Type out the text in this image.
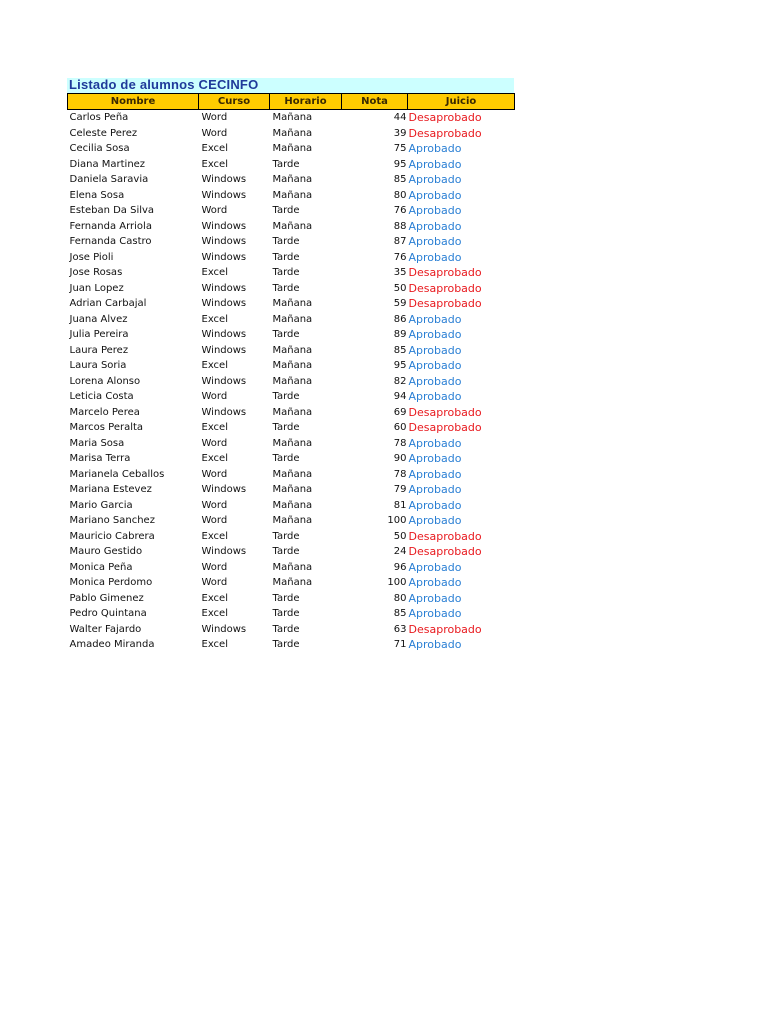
Listado de alumnos CECINFO
Nombre	Curso	Horario	Nota	Juicio
Carlos Peña	Word	Mañana	44	Desaprobado
Celeste Perez	Word	Mañana	39	Desaprobado
Cecilia Sosa	Excel	Mañana	75	Aprobado
Diana Martinez	Excel	Tarde	95	Aprobado
Daniela Saravia	Windows	Mañana	85	Aprobado
Elena Sosa	Windows	Mañana	80	Aprobado
Esteban Da Silva	Word	Tarde	76	Aprobado
Fernanda Arriola	Windows	Mañana	88	Aprobado
Fernanda Castro	Windows	Tarde	87	Aprobado
Jose Pioli	Windows	Tarde	76	Aprobado
Jose Rosas	Excel	Tarde	35	Desaprobado
Juan Lopez	Windows	Tarde	50	Desaprobado
Adrian Carbajal	Windows	Mañana	59	Desaprobado
Juana Alvez	Excel	Mañana	86	Aprobado
Julia Pereira	Windows	Tarde	89	Aprobado
Laura Perez	Windows	Mañana	85	Aprobado
Laura Soria	Excel	Mañana	95	Aprobado
Lorena Alonso	Windows	Mañana	82	Aprobado
Leticia Costa	Word	Tarde	94	Aprobado
Marcelo Perea	Windows	Mañana	69	Desaprobado
Marcos Peralta	Excel	Tarde	60	Desaprobado
Maria Sosa	Word	Mañana	78	Aprobado
Marisa Terra	Excel	Tarde	90	Aprobado
Marianela Ceballos	Word	Mañana	78	Aprobado
Mariana Estevez	Windows	Mañana	79	Aprobado
Mario Garcia	Word	Mañana	81	Aprobado
Mariano Sanchez	Word	Mañana	100	Aprobado
Mauricio Cabrera	Excel	Tarde	50	Desaprobado
Mauro Gestido	Windows	Tarde	24	Desaprobado
Monica Peña	Word	Mañana	96	Aprobado
Monica Perdomo	Word	Mañana	100	Aprobado
Pablo Gimenez	Excel	Tarde	80	Aprobado
Pedro Quintana	Excel	Tarde	85	Aprobado
Walter Fajardo	Windows	Tarde	63	Desaprobado
Amadeo Miranda	Excel	Tarde	71	Aprobado
